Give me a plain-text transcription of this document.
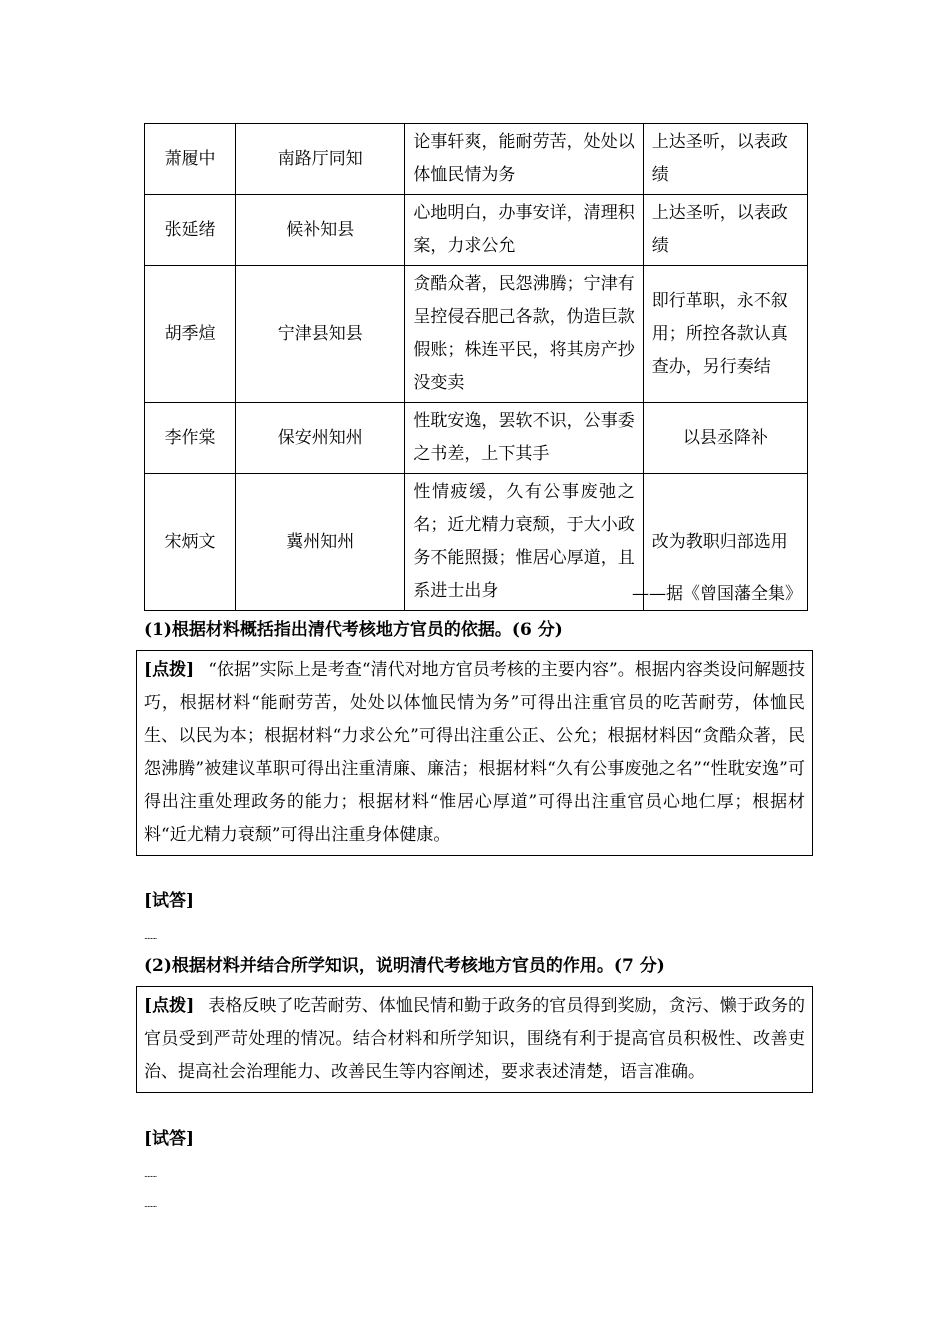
萧履中	南路厅同知	论事轩爽，能耐劳苦，处处以体恤民情为务	上达圣听，以表政绩
张延绪	候补知县	心地明白，办事安详，清理积案，力求公允	上达圣听，以表政绩
胡季煊	宁津县知县	贪酷众著，民怨沸腾；宁津有呈控侵吞肥己各款，伪造巨款假账；株连平民，将其房产抄没变卖	即行革职，永不叙用；所控各款认真查办，另行奏结
李作棠	保安州知州	性耽安逸，罢软不识，公事委之书差，上下其手	以县丞降补
宋炳文	冀州知州	性情疲缓，久有公事废弛之名；近尤精力衰颓，于大小政务不能照摄；惟居心厚道，且系进士出身	改为教职归部选用
——据《曾国藩全集》
(1)根据材料概括指出清代考核地方官员的依据。(6 分)
[点拨] “依据”实际上是考查“清代对地方官员考核的主要内容”。根据内容类设问解题技巧，根据材料“能耐劳苦，处处以体恤民情为务”可得出注重官员的吃苦耐劳，体恤民生、以民为本；根据材料“力求公允”可得出注重公正、公允；根据材料因“贪酷众著，民怨沸腾”被建议革职可得出注重清廉、廉洁；根据材料“久有公事废弛之名”“性耽安逸”可得出注重处理政务的能力；根据材料“惟居心厚道”可得出注重官员心地仁厚；根据材料“近尤精力衰颓”可得出注重身体健康。
[试答]
........
(2)根据材料并结合所学知识，说明清代考核地方官员的作用。(7 分)
[点拨] 表格反映了吃苦耐劳、体恤民情和勤于政务的官员得到奖励，贪污、懒于政务的官员受到严苛处理的情况。结合材料和所学知识，围绕有利于提高官员积极性、改善吏治、提高社会治理能力、改善民生等内容阐述，要求表述清楚，语言准确。
[试答]
........
........
